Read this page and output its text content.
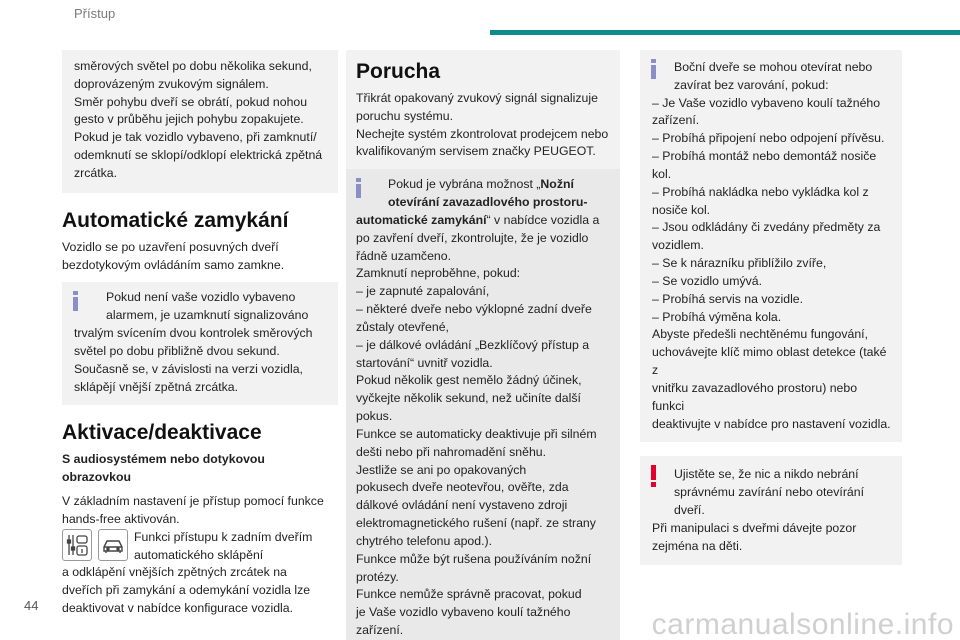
Přístup
směrových světel po dobu několika sekund,
doprovázeným zvukovým signálem.
Směr pohybu dveří se obrátí, pokud nohou
gesto v průběhu jejich pohybu zopakujete.
Pokud je tak vozidlo vybaveno, při zamknutí/
odemknutí se sklopí/odklopí elektrická zpětná
zrcátka.
Automatické zamykání
Vozidlo se po uzavření posuvných dveří
bezdotykovým ovládáním samo zamkne.
Pokud není vaše vozidlo vybaveno
alarmem, je uzamknutí signalizováno
trvalým svícením dvou kontrolek směrových
světel po dobu přibližně dvou sekund.
Současně se, v závislosti na verzi vozidla,
sklápějí vnější zpětná zrcátka.
Aktivace/deaktivace
S audiosystémem nebo dotykovou
obrazovkou
V základním nastavení je přístup pomocí funkce
hands-free aktivován.
Funkci přístupu k zadním dveřím
automatického sklápění
a odklápění vnějších zpětných zrcátek na
dveřích při zamykání a odemykání vozidla lze
deaktivovat v nabídce konfigurace vozidla.
Porucha
Třikrát opakovaný zvukový signál signalizuje
poruchu systému.
Nechejte systém zkontrolovat prodejcem nebo
kvalifikovaným servisem značky PEUGEOT.
Pokud je vybrána možnost „Nožní
otevírání zavazadlového prostoru-
automatické zamykání“ v nabídce vozidla a
po zavření dveří, zkontrolujte, že je vozidlo
řádně uzamčeno.
Zamknutí neproběhne, pokud:
– je zapnuté zapalování,
– některé dveře nebo výklopné zadní dveře
zůstaly otevřené,
– je dálkové ovládání „Bezklíčový přístup a
startování“ uvnitř vozidla.
Pokud několik gest nemělo žádný účinek,
vyčkejte několik sekund, než učiníte další
pokus.
Funkce se automaticky deaktivuje při silném
dešti nebo při nahromadění sněhu.
Jestliže se ani po opakovaných
pokusech dveře neotevřou, ověřte, zda
dálkové ovládání není vystaveno zdroji
elektromagnetického rušení (např. ze strany
chytrého telefonu apod.).
Funkce může být rušena používáním nožní
protézy.
Funkce nemůže správně pracovat, pokud
je Vaše vozidlo vybaveno koulí tažného
zařízení.
Boční dveře se mohou otevírat nebo
zavírat bez varování, pokud:
– Je Vaše vozidlo vybaveno koulí tažného
zařízení.
– Probíhá připojení nebo odpojení přívěsu.
– Probíhá montáž nebo demontáž nosiče kol.
– Probíhá nakládka nebo vykládka kol z
nosiče kol.
– Jsou odkládány či zvedány předměty za
vozidlem.
– Se k nárazníku přiblížilo zvíře,
– Se vozidlo umývá.
– Probíhá servis na vozidle.
– Probíhá výměna kola.
Abyste předešli nechtěnému fungování,
uchovávejte klíč mimo oblast detekce (také z
vnitřku zavazadlového prostoru) nebo funkci
deaktivujte v nabídce pro nastavení vozidla.
Ujistěte se, že nic a nikdo nebrání
správnému zavírání nebo otevírání dveří.
Při manipulaci s dveřmi dávejte pozor
zejména na děti.
44
carmanualsonline.info
